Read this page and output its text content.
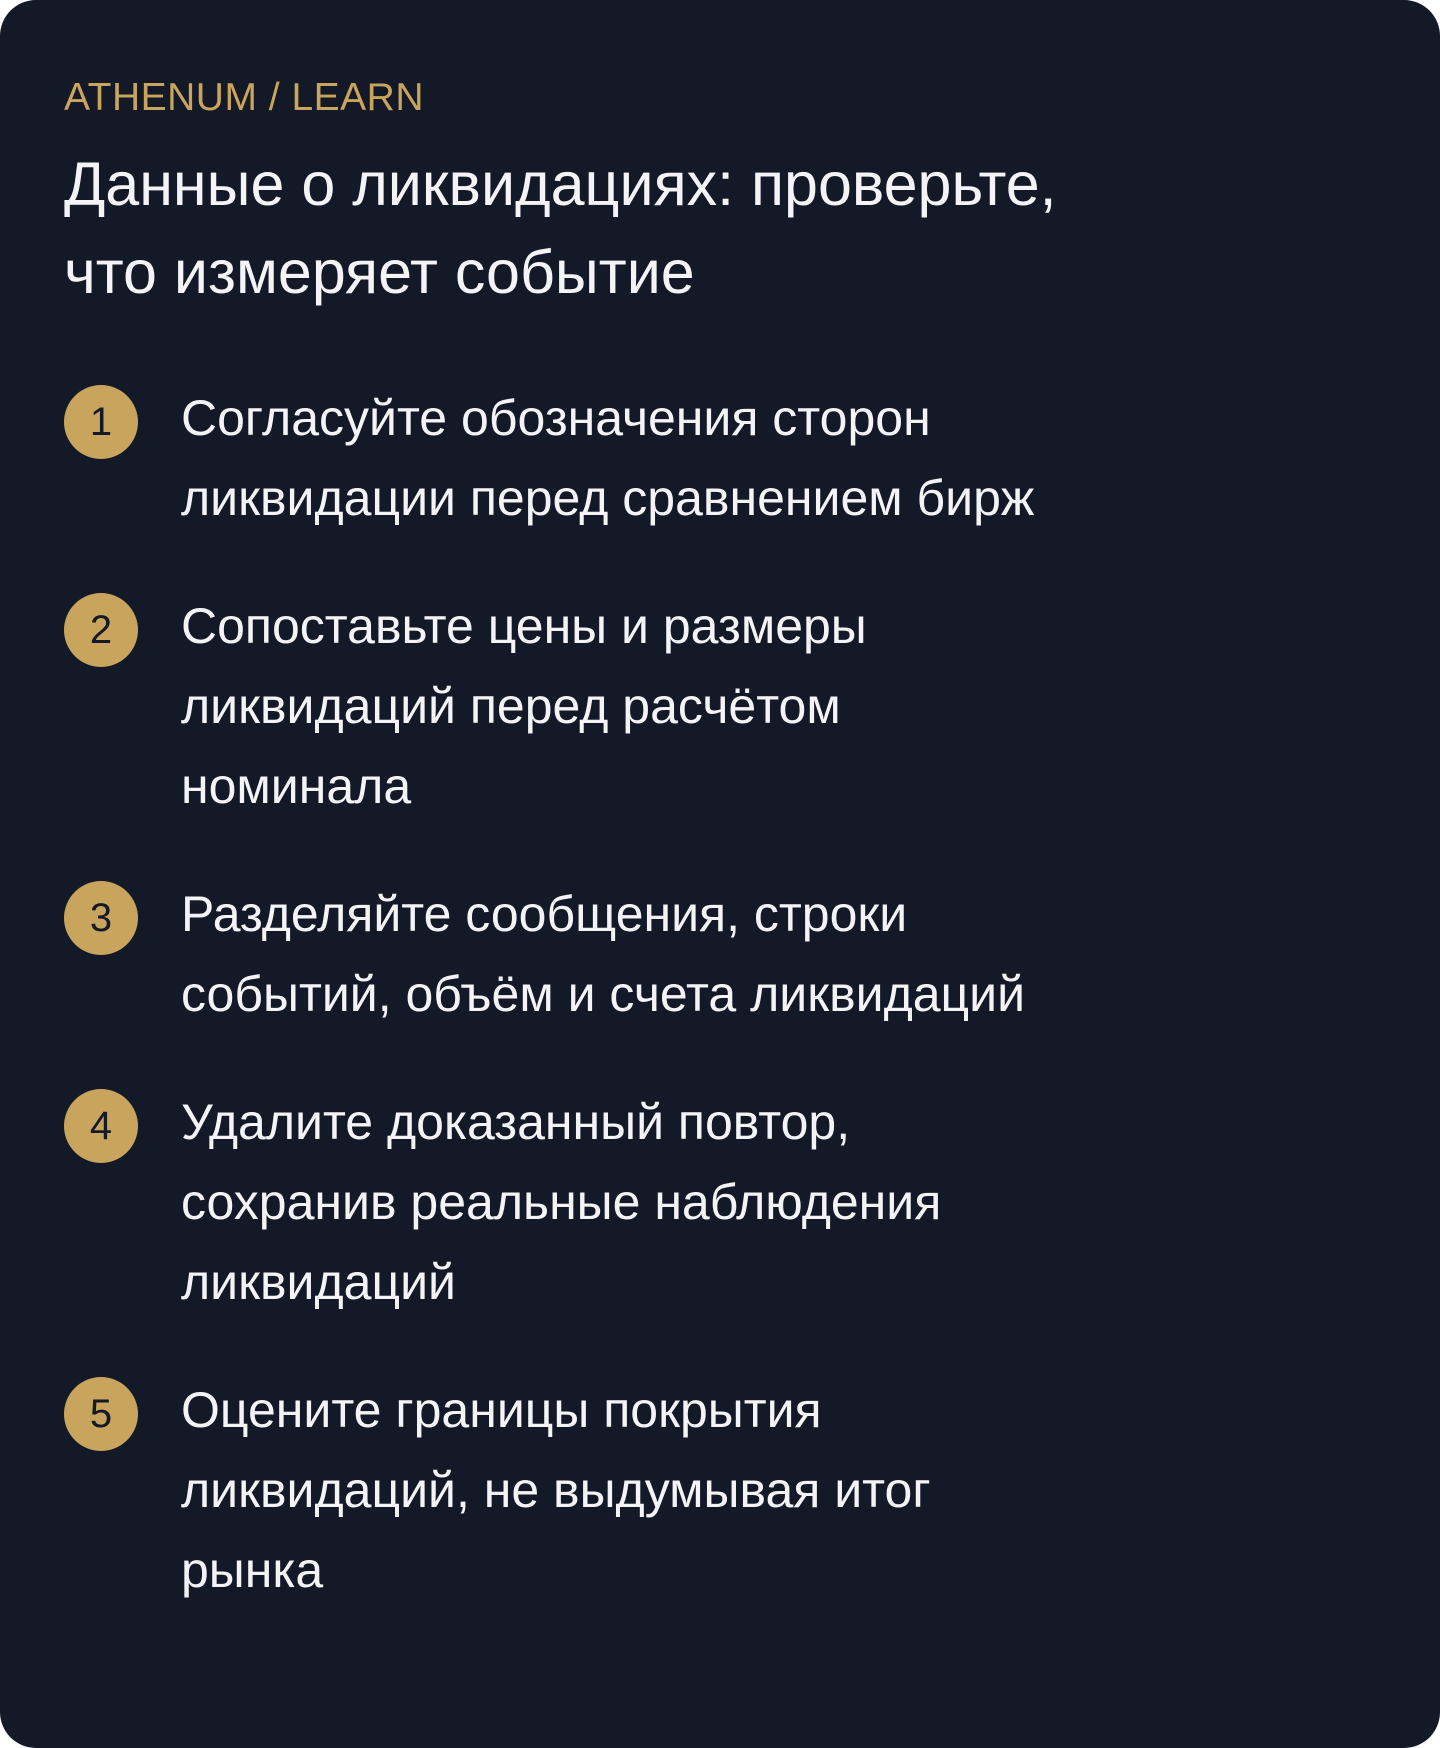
ATHENUM / LEARN
Данные о ликвидациях: проверьте,
что измеряет событие
1	Согласуйте обозначения сторон
ликвидации перед сравнением бирж
2	Сопоставьте цены и размеры
ликвидаций перед расчётом
номинала
3	Разделяйте сообщения, строки
событий, объём и счета ликвидаций
4	Удалите доказанный повтор,
сохранив реальные наблюдения
ликвидаций
5	Оцените границы покрытия
ликвидаций, не выдумывая итог
рынка
